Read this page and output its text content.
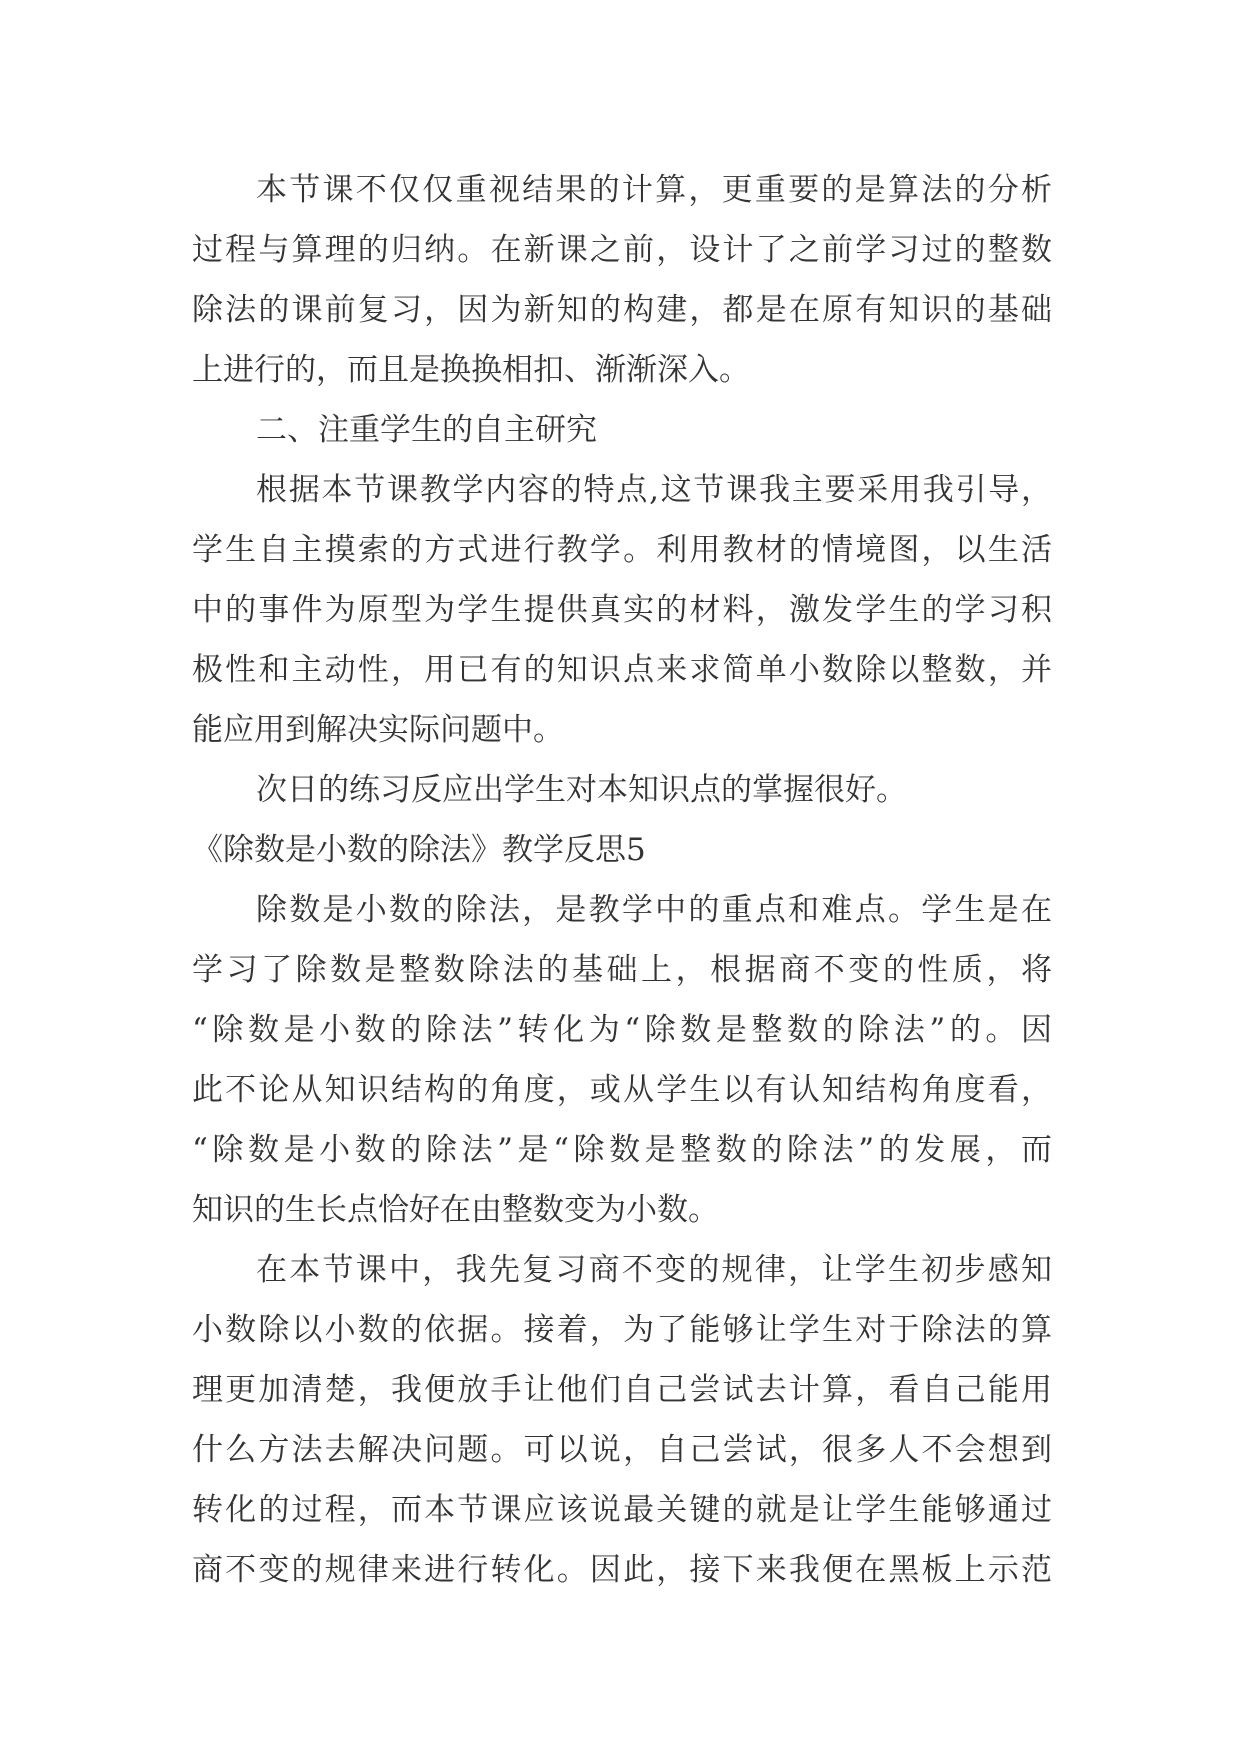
本节课不仅仅重视结果的计算，更重要的是算法的分析
过程与算理的归纳。在新课之前，设计了之前学习过的整数
除法的课前复习，因为新知的构建，都是在原有知识的基础
上进行的，而且是换换相扣、渐渐深入。
二、注重学生的自主研究
根据本节课教学内容的特点,这节课我主要采用我引导，
学生自主摸索的方式进行教学。利用教材的情境图，以生活
中的事件为原型为学生提供真实的材料，激发学生的学习积
极性和主动性，用已有的知识点来求简单小数除以整数，并
能应用到解决实际问题中。
次日的练习反应出学生对本知识点的掌握很好。
《除数是小数的除法》教学反思5
除数是小数的除法，是教学中的重点和难点。学生是在
学习了除数是整数除法的基础上，根据商不变的性质，将
“除数是小数的除法”转化为“除数是整数的除法”的。因
此不论从知识结构的角度，或从学生以有认知结构角度看，
“除数是小数的除法”是“除数是整数的除法”的发展，而
知识的生长点恰好在由整数变为小数。
在本节课中，我先复习商不变的规律，让学生初步感知
小数除以小数的依据。接着，为了能够让学生对于除法的算
理更加清楚，我便放手让他们自己尝试去计算，看自己能用
什么方法去解决问题。可以说，自己尝试，很多人不会想到
转化的过程，而本节课应该说最关键的就是让学生能够通过
商不变的规律来进行转化。因此，接下来我便在黑板上示范
